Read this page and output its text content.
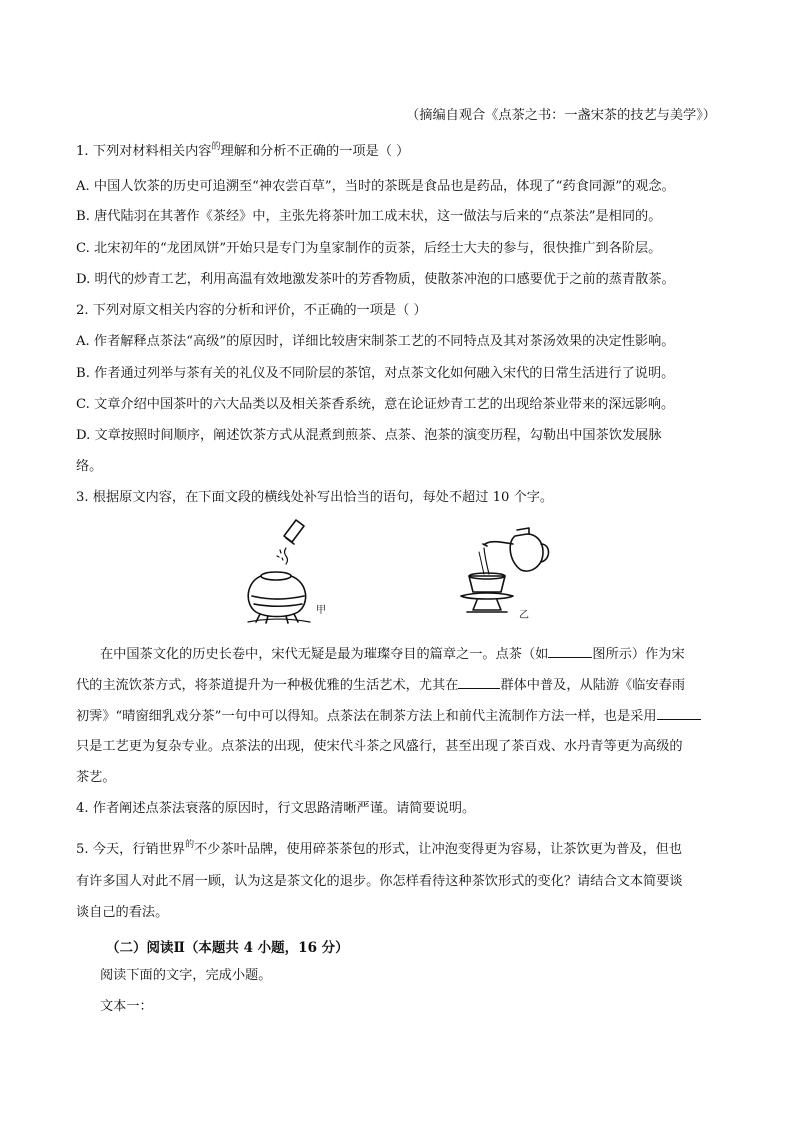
（摘编自观合《点茶之书：一盏宋茶的技艺与美学》）
1. 下列对材料相关内容$^的$理解和分析不正确的一项是（ ）
A. 中国人饮茶的历史可追溯至“神农尝百草”，当时的茶既是食品也是药品，体现了“药食同源”的观念。
B. 唐代陆羽在其著作《茶经》中，主张先将茶叶加工成末状，这一做法与后来的“点茶法”是相同的。
C. 北宋初年的“龙团凤饼”开始只是专门为皇家制作的贡茶，后经士大夫的参与，很快推广到各阶层。
D. 明代的炒青工艺，利用高温有效地激发茶叶的芳香物质，使散茶冲泡的口感要优于之前的蒸青散茶。
2. 下列对原文相关内容的分析和评价，不正确的一项是（ ）
A. 作者解释点茶法“高级”的原因时，详细比较唐宋制茶工艺的不同特点及其对茶汤效果的决定性影响。
B. 作者通过列举与茶有关的礼仪及不同阶层的茶馆，对点茶文化如何融入宋代的日常生活进行了说明。
C. 文章介绍中国茶叶的六大品类以及相关茶香系统，意在论证炒青工艺的出现给茶业带来的深远影响。
D. 文章按照时间顺序，阐述饮茶方式从混煮到煎茶、点茶、泡茶的演变历程，勾勒出中国茶饮发展脉
络。
3. 根据原文内容，在下面文段的横线处补写出恰当的语句，每处不超过 10 个字。
甲	乙
在中国茶文化的历史长卷中，宋代无疑是最为璀璨夺目的篇章之一。点茶（如	图所示）作为宋
代的主流饮茶方式，将茶道提升为一种极优雅的生活艺术，尤其在	群体中普及，从陆游《临安春雨
初霁》“晴窗细乳戏分茶”一句中可以得知。点茶法在制茶方法上和前代主流制作方法一样，也是采用
只是工艺更为复杂专业。点茶法的出现，使宋代斗茶之风盛行，甚至出现了茶百戏、水丹青等更为高级的
茶艺。
4. 作者阐述点茶法衰落的原因时，行文思路清晰严谨。请简要说明。
5. 今天，行销世界$^的$不少茶叶品牌，使用碎茶茶包的形式，让冲泡变得更为容易，让茶饮更为普及，但也
有许多国人对此不屑一顾，认为这是茶文化的退步。你怎样看待这种茶饮形式的变化？请结合文本简要谈
谈自己的看法。
（二）阅读Ⅱ（本题共 4 小题，16 分）
阅读下面的文字，完成小题。
文本一：
